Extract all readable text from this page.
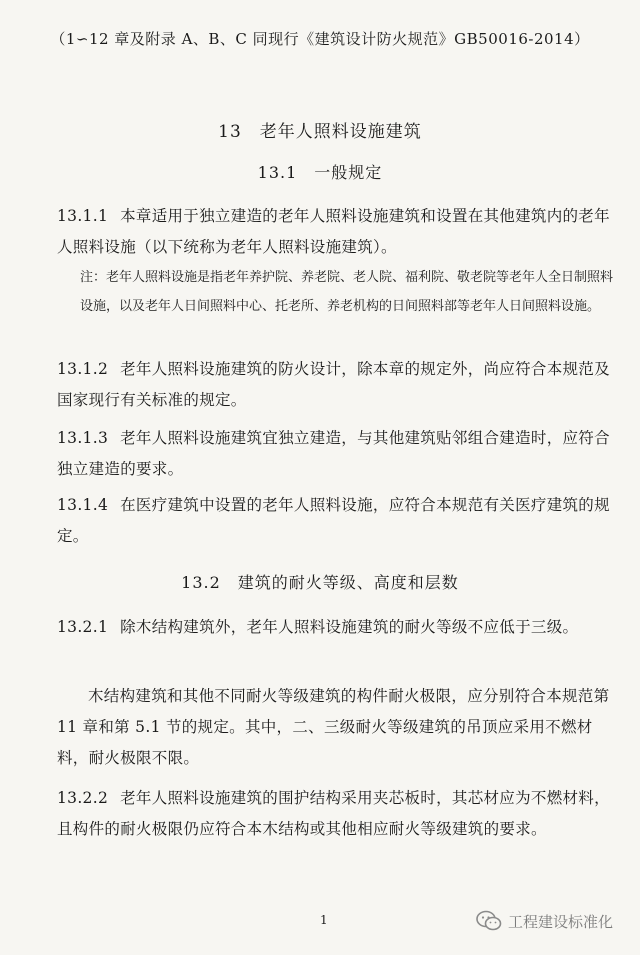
（1∽12 章及附录 A、B、C 同现行《建筑设计防火规范》GB50016-2014）
13　老年人照料设施建筑
13.1　一般规定
13.1.1 本章适用于独立建造的老年人照料设施建筑和设置在其他建筑内的老年人照料设施（以下统称为老年人照料设施建筑）。
注：老年人照料设施是指老年养护院、养老院、老人院、福利院、敬老院等老年人全日制照料设施，以及老年人日间照料中心、托老所、养老机构的日间照料部等老年人日间照料设施。
13.1.2 老年人照料设施建筑的防火设计，除本章的规定外，尚应符合本规范及国家现行有关标准的规定。
13.1.3 老年人照料设施建筑宜独立建造，与其他建筑贴邻组合建造时，应符合独立建造的要求。
13.1.4 在医疗建筑中设置的老年人照料设施，应符合本规范有关医疗建筑的规定。
13.2　建筑的耐火等级、高度和层数
13.2.1 除木结构建筑外，老年人照料设施建筑的耐火等级不应低于三级。
木结构建筑和其他不同耐火等级建筑的构件耐火极限，应分别符合本规范第 11 章和第 5.1 节的规定。其中，二、三级耐火等级建筑的吊顶应采用不燃材料，耐火极限不限。
13.2.2 老年人照料设施建筑的围护结构采用夹芯板时，其芯材应为不燃材料，且构件的耐火极限仍应符合本木结构或其他相应耐火等级建筑的要求。
1	工程建设标准化
